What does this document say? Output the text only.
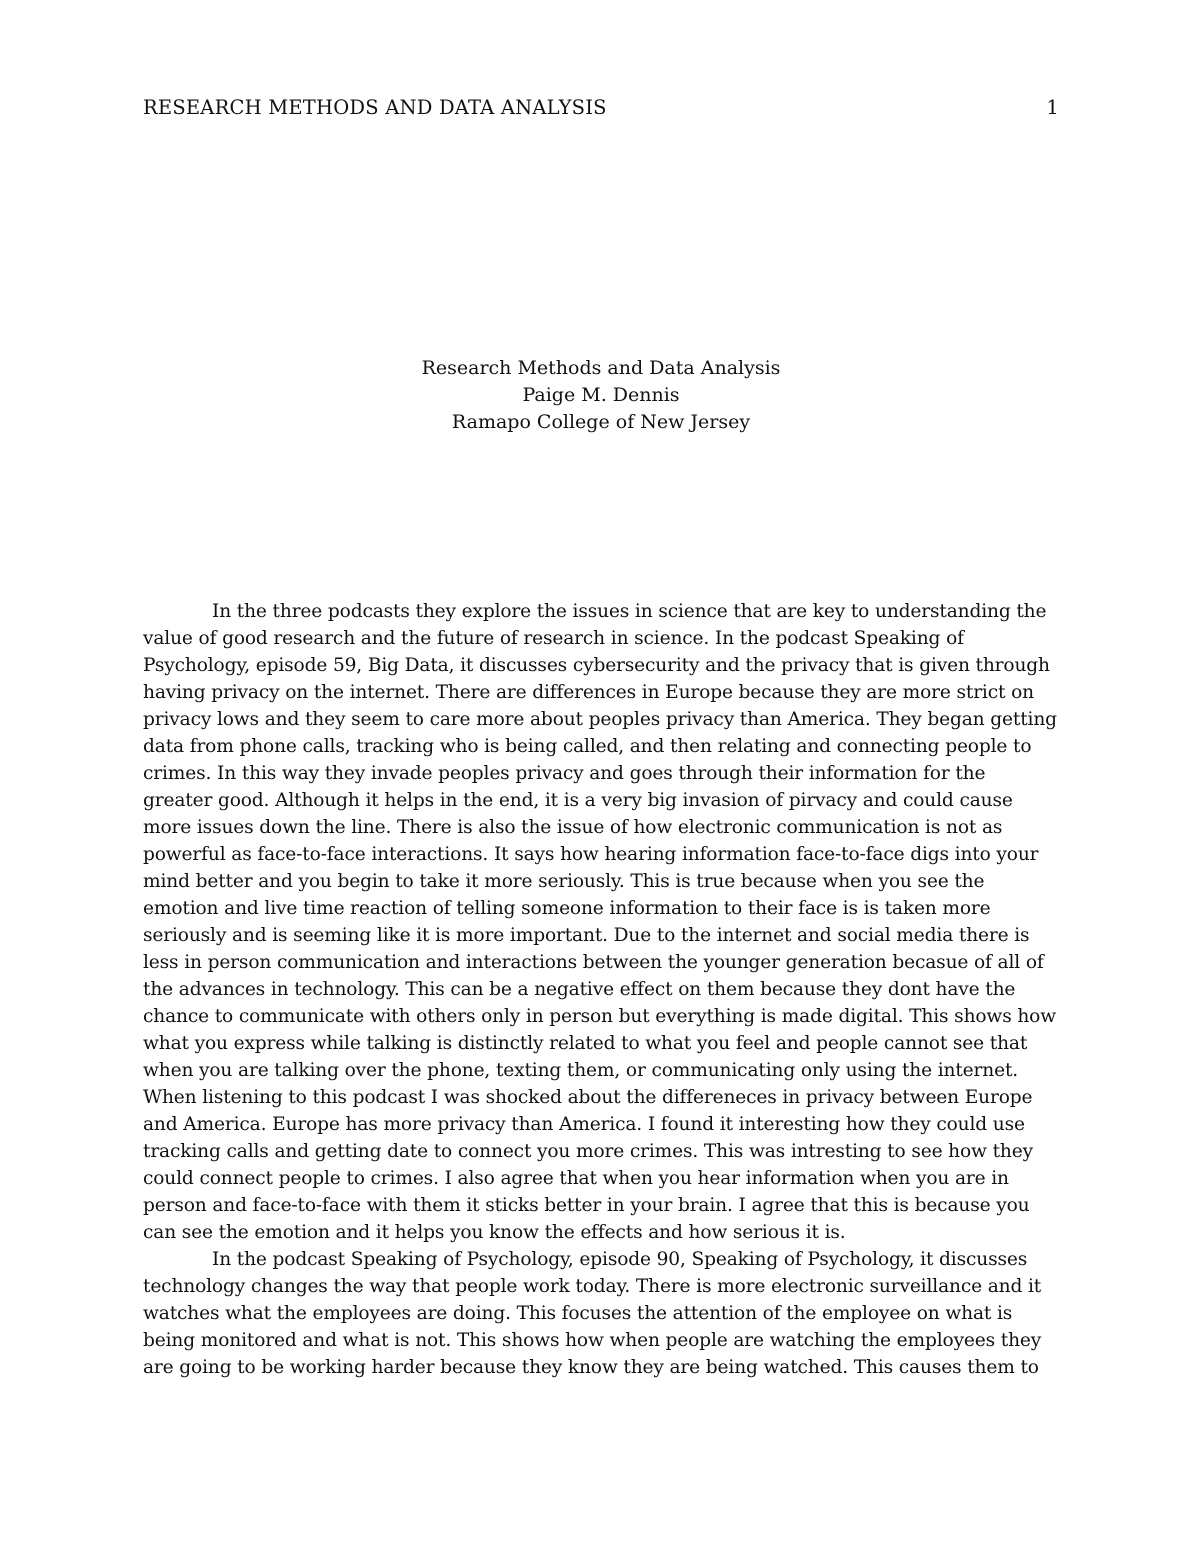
RESEARCH METHODS AND DATA ANALYSIS	1
Research Methods and Data Analysis
Paige M. Dennis
Ramapo College of New Jersey

In the three podcasts they explore the issues in science that are key to understanding the value of good research and the future of research in science. In the podcast Speaking of Psychology, episode 59, Big Data, it discusses cybersecurity and the privacy that is given through having privacy on the internet. There are differences in Europe because they are more strict on privacy lows and they seem to care more about peoples privacy than America. They began getting data from phone calls, tracking who is being called, and then relating and connecting people to crimes. In this way they invade peoples privacy and goes through their information for the greater good. Although it helps in the end, it is a very big invasion of pirvacy and could cause more issues down the line. There is also the issue of how electronic communication is not as powerful as face-to-face interactions. It says how hearing information face-to-face digs into your mind better and you begin to take it more seriously. This is true because when you see the emotion and live time reaction of telling someone information to their face is is taken more seriously and is seeming like it is more important. Due to the internet and social media there is less in person communication and interactions between the younger generation becasue of all of the advances in technology. This can be a negative effect on them because they dont have the chance to communicate with others only in person but everything is made digital. This shows how what you express while talking is distinctly related to what you feel and people cannot see that when you are talking over the phone, texting them, or communicating only using the internet. When listening to this podcast I was shocked about the differeneces in privacy between Europe and America. Europe has more privacy than America. I found it interesting how they could use tracking calls and getting date to connect you more crimes. This was intresting to see how they could connect people to crimes. I also agree that when you hear information when you are in person and face-to-face with them it sticks better in your brain. I agree that this is because you can see the emotion and it helps you know the effects and how serious it is.

In the podcast Speaking of Psychology, episode 90, Speaking of Psychology, it discusses technology changes the way that people work today. There is more electronic surveillance and it watches what the employees are doing. This focuses the attention of the employee on what is being monitored and what is not. This shows how when people are watching the employees they are going to be working harder because they know they are being watched. This causes them to
